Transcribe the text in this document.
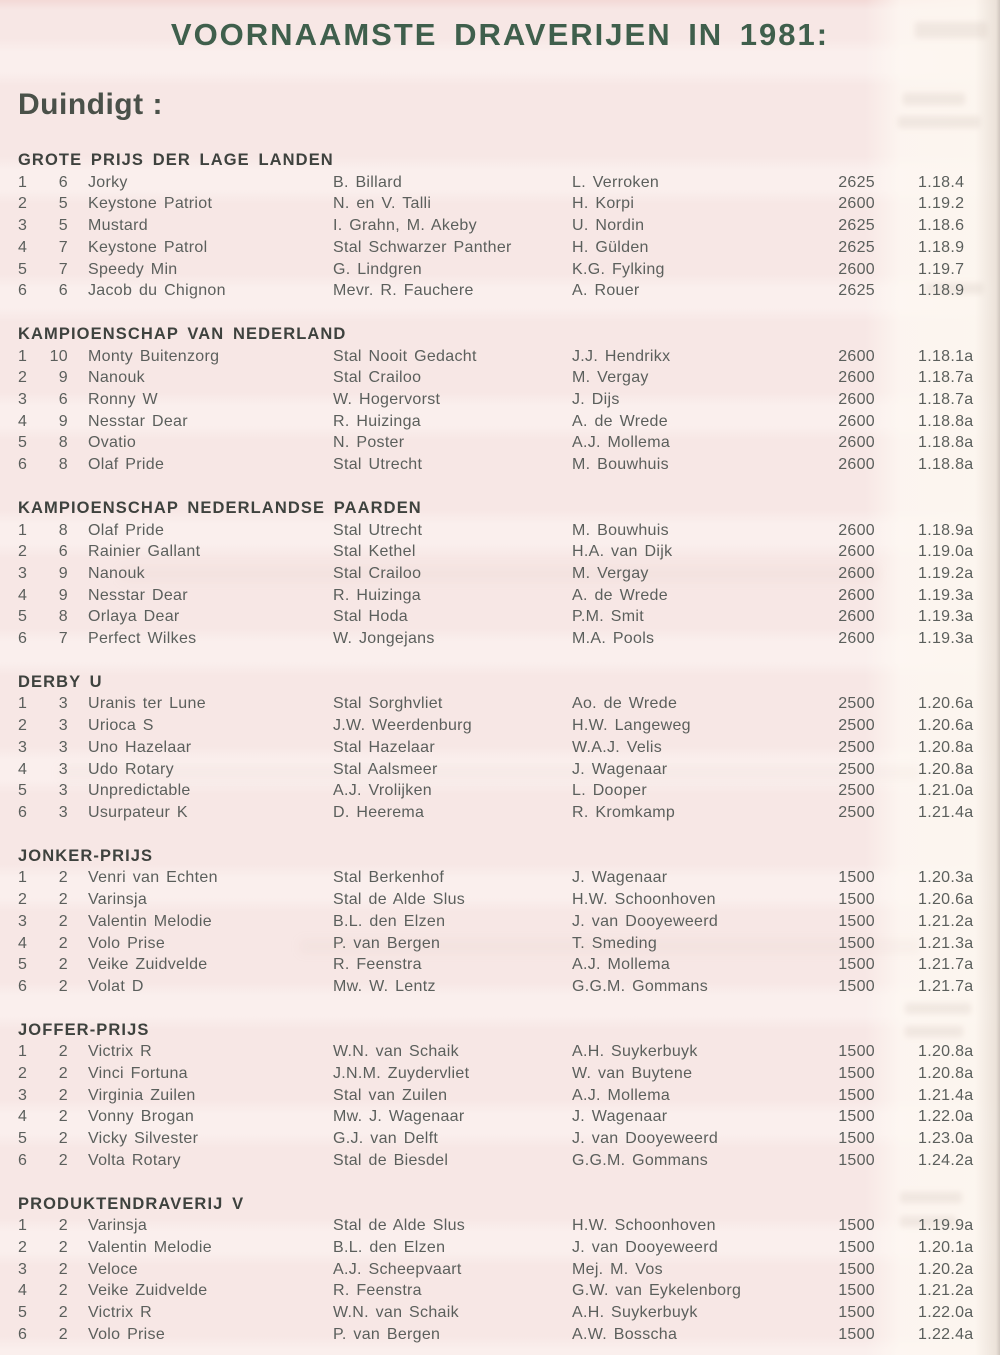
VOORNAAMSTE DRAVERIJEN IN 1981:
Duindigt :
GROTE PRIJS DER LAGE LANDEN
1	6	Jorky	B. Billard	L. Verroken	2625	1.18.4
2	5	Keystone Patriot	N. en V. Talli	H. Korpi	2600	1.19.2
3	5	Mustard	I. Grahn, M. Akeby	U. Nordin	2625	1.18.6
4	7	Keystone Patrol	Stal Schwarzer Panther	H. Gülden	2625	1.18.9
5	7	Speedy Min	G. Lindgren	K.G. Fylking	2600	1.19.7
6	6	Jacob du Chignon	Mevr. R. Fauchere	A. Rouer	2625	1.18.9
KAMPIOENSCHAP VAN NEDERLAND
1	10	Monty Buitenzorg	Stal Nooit Gedacht	J.J. Hendrikx	2600	1.18.1a
2	9	Nanouk	Stal Crailoo	M. Vergay	2600	1.18.7a
3	6	Ronny W	W. Hogervorst	J. Dijs	2600	1.18.7a
4	9	Nesstar Dear	R. Huizinga	A. de Wrede	2600	1.18.8a
5	8	Ovatio	N. Poster	A.J. Mollema	2600	1.18.8a
6	8	Olaf Pride	Stal Utrecht	M. Bouwhuis	2600	1.18.8a
KAMPIOENSCHAP NEDERLANDSE PAARDEN
1	8	Olaf Pride	Stal Utrecht	M. Bouwhuis	2600	1.18.9a
2	6	Rainier Gallant	Stal Kethel	H.A. van Dijk	2600	1.19.0a
3	9	Nanouk	Stal Crailoo	M. Vergay	2600	1.19.2a
4	9	Nesstar Dear	R. Huizinga	A. de Wrede	2600	1.19.3a
5	8	Orlaya Dear	Stal Hoda	P.M. Smit	2600	1.19.3a
6	7	Perfect Wilkes	W. Jongejans	M.A. Pools	2600	1.19.3a
DERBY U
1	3	Uranis ter Lune	Stal Sorghvliet	Ao. de Wrede	2500	1.20.6a
2	3	Urioca S	J.W. Weerdenburg	H.W. Langeweg	2500	1.20.6a
3	3	Uno Hazelaar	Stal Hazelaar	W.A.J. Velis	2500	1.20.8a
4	3	Udo Rotary	Stal Aalsmeer	J. Wagenaar	2500	1.20.8a
5	3	Unpredictable	A.J. Vrolijken	L. Dooper	2500	1.21.0a
6	3	Usurpateur K	D. Heerema	R. Kromkamp	2500	1.21.4a
JONKER-PRIJS
1	2	Venri van Echten	Stal Berkenhof	J. Wagenaar	1500	1.20.3a
2	2	Varinsja	Stal de Alde Slus	H.W. Schoonhoven	1500	1.20.6a
3	2	Valentin Melodie	B.L. den Elzen	J. van Dooyeweerd	1500	1.21.2a
4	2	Volo Prise	P. van Bergen	T. Smeding	1500	1.21.3a
5	2	Veike Zuidvelde	R. Feenstra	A.J. Mollema	1500	1.21.7a
6	2	Volat D	Mw. W. Lentz	G.G.M. Gommans	1500	1.21.7a
JOFFER-PRIJS
1	2	Victrix R	W.N. van Schaik	A.H. Suykerbuyk	1500	1.20.8a
2	2	Vinci Fortuna	J.N.M. Zuydervliet	W. van Buytene	1500	1.20.8a
3	2	Virginia Zuilen	Stal van Zuilen	A.J. Mollema	1500	1.21.4a
4	2	Vonny Brogan	Mw. J. Wagenaar	J. Wagenaar	1500	1.22.0a
5	2	Vicky Silvester	G.J. van Delft	J. van Dooyeweerd	1500	1.23.0a
6	2	Volta Rotary	Stal de Biesdel	G.G.M. Gommans	1500	1.24.2a
PRODUKTENDRAVERIJ V
1	2	Varinsja	Stal de Alde Slus	H.W. Schoonhoven	1500	1.19.9a
2	2	Valentin Melodie	B.L. den Elzen	J. van Dooyeweerd	1500	1.20.1a
3	2	Veloce	A.J. Scheepvaart	Mej. M. Vos	1500	1.20.2a
4	2	Veike Zuidvelde	R. Feenstra	G.W. van Eykelenborg	1500	1.21.2a
5	2	Victrix R	W.N. van Schaik	A.H. Suykerbuyk	1500	1.22.0a
6	2	Volo Prise	P. van Bergen	A.W. Bosscha	1500	1.22.4a
